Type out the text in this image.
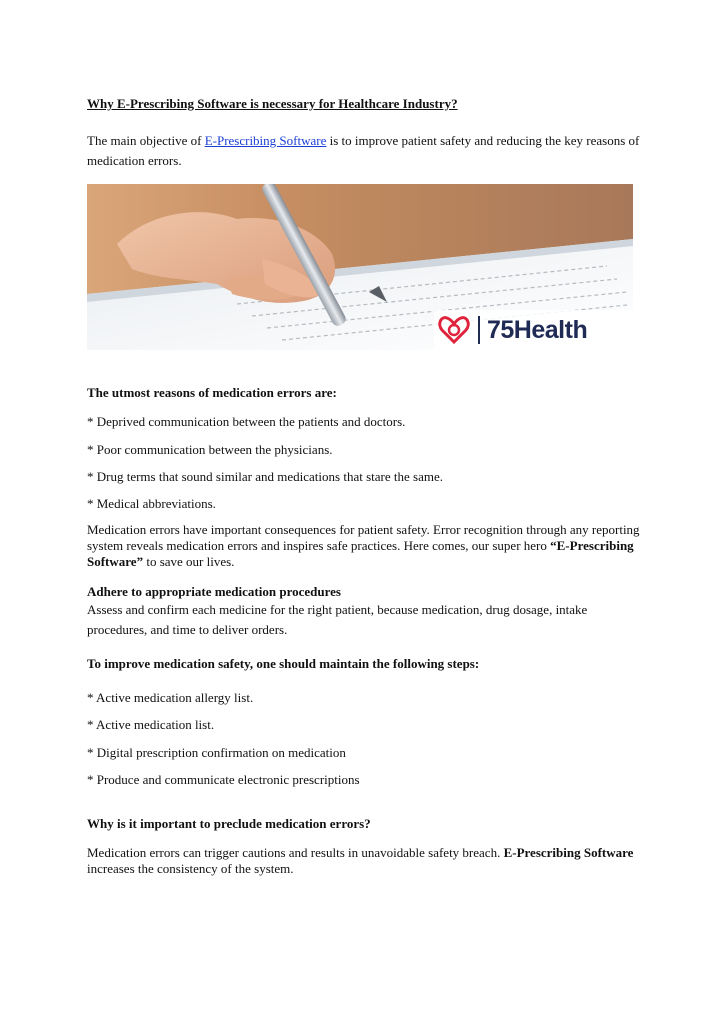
Why E-Prescribing Software is necessary for Healthcare Industry?
The main objective of E-Prescribing Software is to improve patient safety and reducing the key reasons of medication errors.
75Health
The utmost reasons of medication errors are:
* Deprived communication between the patients and doctors.
* Poor communication between the physicians.
* Drug terms that sound similar and medications that stare the same.
* Medical abbreviations.
Medication errors have important consequences for patient safety. Error recognition through any reporting system reveals medication errors and inspires safe practices. Here comes, our super hero “E-Prescribing Software” to save our lives.
Adhere to appropriate medication procedures
Assess and confirm each medicine for the right patient, because medication, drug dosage, intake procedures, and time to deliver orders.
To improve medication safety, one should maintain the following steps:
* Active medication allergy list.
* Active medication list.
* Digital prescription confirmation on medication
* Produce and communicate electronic prescriptions
Why is it important to preclude medication errors?
Medication errors can trigger cautions and results in unavoidable safety breach. E-Prescribing Software increases the consistency of the system.
